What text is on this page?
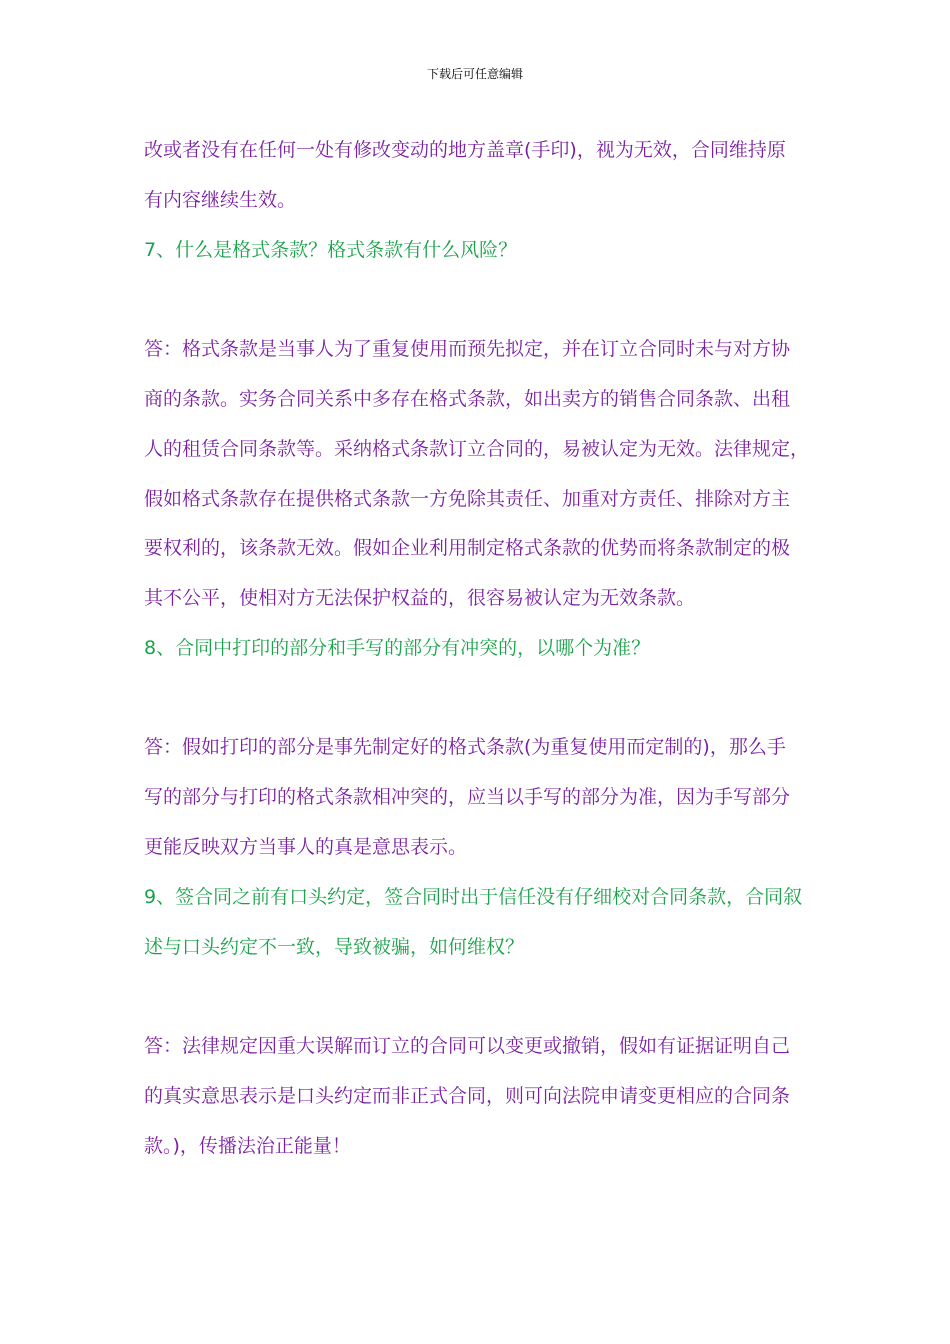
下载后可任意编辑
改或者没有在任何一处有修改变动的地方盖章(手印)，视为无效，合同维持原
有内容继续生效。
7、什么是格式条款？格式条款有什么风险？
答：格式条款是当事人为了重复使用而预先拟定，并在订立合同时未与对方协
商的条款。实务合同关系中多存在格式条款，如出卖方的销售合同条款、出租
人的租赁合同条款等。采纳格式条款订立合同的，易被认定为无效。法律规定，
假如格式条款存在提供格式条款一方免除其责任、加重对方责任、排除对方主
要权利的，该条款无效。假如企业利用制定格式条款的优势而将条款制定的极
其不公平，使相对方无法保护权益的，很容易被认定为无效条款。
8、合同中打印的部分和手写的部分有冲突的，以哪个为准？
答：假如打印的部分是事先制定好的格式条款(为重复使用而定制的)，那么手
写的部分与打印的格式条款相冲突的，应当以手写的部分为准，因为手写部分
更能反映双方当事人的真是意思表示。
9、签合同之前有口头约定，签合同时出于信任没有仔细校对合同条款，合同叙
述与口头约定不一致，导致被骗，如何维权？
答：法律规定因重大误解而订立的合同可以变更或撤销，假如有证据证明自己
的真实意思表示是口头约定而非正式合同，则可向法院申请变更相应的合同条
款。)，传播法治正能量！
